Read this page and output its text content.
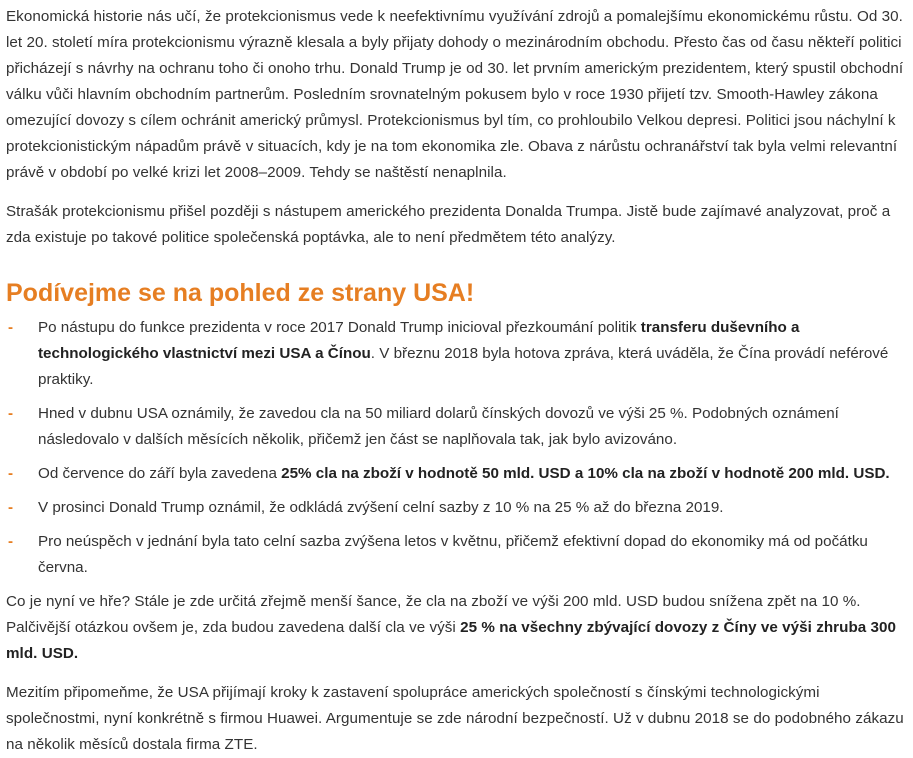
Ekonomická historie nás učí, že protekcionismus vede k neefektivnímu využívání zdrojů a pomalejšímu ekonomickému růstu. Od 30. let 20. století míra protekcionismu výrazně klesala a byly přijaty dohody o mezinárodním obchodu. Přesto čas od času někteří politici přicházejí s návrhy na ochranu toho či onoho trhu. Donald Trump je od 30. let prvním americkým prezidentem, který spustil obchodní válku vůči hlavním obchodním partnerům. Posledním srovnatelným pokusem bylo v roce 1930 přijetí tzv. Smooth-Hawley zákona omezující dovozy s cílem ochránit americký průmysl. Protekcionismus byl tím, co prohloubilo Velkou depresi. Politici jsou náchylní k protekcionistickým nápadům právě v situacích, kdy je na tom ekonomika zle. Obava z nárůstu ochranářství tak byla velmi relevantní právě v období po velké krizi let 2008–2009. Tehdy se naštěstí nenaplnila.

Strašák protekcionismu přišel později s nástupem amerického prezidenta Donalda Trumpa. Jistě bude zajímavé analyzovat, proč a zda existuje po takové politice společenská poptávka, ale to není předmětem této analýzy.

Podívejme se na pohled ze strany USA!
- Po nástupu do funkce prezidenta v roce 2017 Donald Trump inicioval přezkoumání politik transferu duševního a technologického vlastnictví mezi USA a Čínou. V březnu 2018 byla hotova zpráva, která uváděla, že Čína provádí neférové praktiky.
- Hned v dubnu USA oznámily, že zavedou cla na 50 miliard dolarů čínských dovozů ve výši 25 %. Podobných oznámení následovalo v dalších měsících několik, přičemž jen část se naplňovala tak, jak bylo avizováno.
- Od července do září byla zavedena 25% cla na zboží v hodnotě 50 mld. USD a 10% cla na zboží v hodnotě 200 mld. USD.
- V prosinci Donald Trump oznámil, že odkládá zvýšení celní sazby z 10 % na 25 % až do března 2019.
- Pro neúspěch v jednání byla tato celní sazba zvýšena letos v květnu, přičemž efektivní dopad do ekonomiky má od počátku června.

Co je nyní ve hře? Stále je zde určitá zřejmě menší šance, že cla na zboží ve výši 200 mld. USD budou snížena zpět na 10 %. Palčivější otázkou ovšem je, zda budou zavedena další cla ve výši 25 % na všechny zbývající dovozy z Číny ve výši zhruba 300 mld. USD.

Mezitím připomeňme, že USA přijímají kroky k zastavení spolupráce amerických společností s čínskými technologickými společnostmi, nyní konkrétně s firmou Huawei. Argumentuje se zde národní bezpečností. Už v dubnu 2018 se do podobného zákazu na několik měsíců dostala firma ZTE.
